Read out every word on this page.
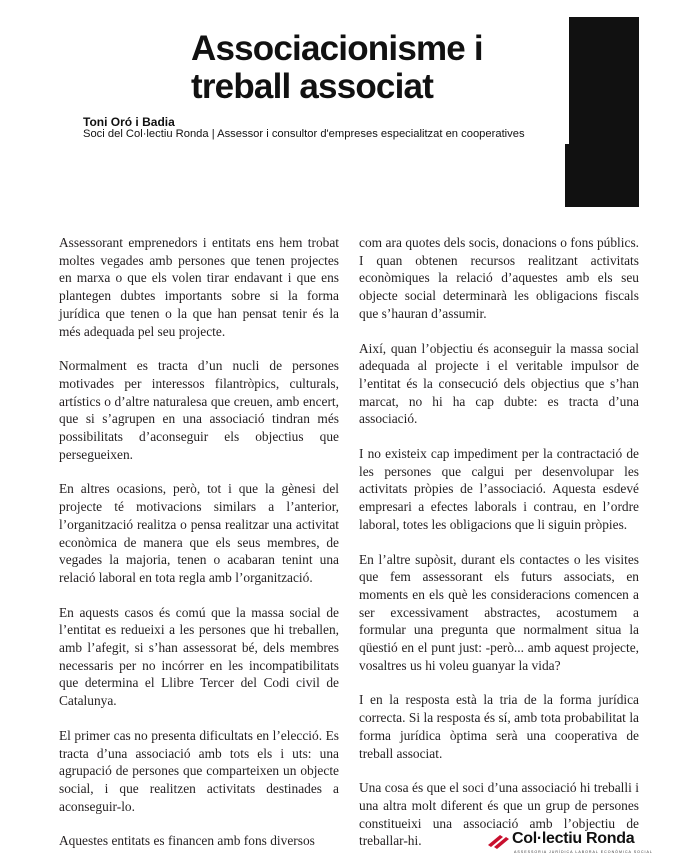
Associacionisme i
treball associat
Toni Oró i Badia
Soci del Col·lectiu Ronda | Assessor i consultor d'empreses especialitzat en cooperatives

Assessorant emprenedors i entitats ens hem trobat moltes vegades amb persones que tenen projectes en marxa o que els volen tirar endavant i que ens plantegen dubtes importants sobre si la forma jurídica que tenen o la que han pensat tenir és la més adequada pel seu projecte.

Normalment es tracta d’un nucli de persones motivades per interessos filantròpics, culturals, artístics o d’altre naturalesa que creuen, amb encert, que si s’agrupen en una associació tindran més possibilitats d’aconseguir els objectius que persegueixen.

En altres ocasions, però, tot i que la gènesi del projecte té motivacions similars a l’anterior, l’organització realitza o pensa realitzar una activitat econòmica de manera que els seus membres, de vegades la majoria, tenen o acabaran tenint una relació laboral en tota regla amb l’organització.

En aquests casos és comú que la massa social de l’entitat es redueixi a les persones que hi treballen, amb l’afegit, si s’han assessorat bé, dels membres necessaris per no incórrer en les incompatibilitats que determina el Llibre Tercer del Codi civil de Catalunya.

El primer cas no presenta dificultats en l’elecció. Es tracta d’una associació amb tots els i uts: una agrupació de persones que comparteixen un objecte social, i que realitzen activitats destinades a aconseguir-lo.

Aquestes entitats es financen amb fons diversos

com ara quotes dels socis, donacions o fons públics. I quan obtenen recursos realitzant activitats econòmiques la relació d’aquestes amb els seu objecte social determinarà les obligacions fiscals que s’hauran d’assumir.

Així, quan l’objectiu és aconseguir la massa social adequada al projecte i el veritable impulsor de l’entitat és la consecució dels objectius que s’han marcat, no hi ha cap dubte: es tracta d’una associació.

I no existeix cap impediment per la contractació de les persones que calgui per desenvolupar les activitats pròpies de l’associació. Aquesta esdevé empresari a efectes laborals i contrau, en l’ordre laboral, totes les obligacions que li siguin pròpies.

En l’altre supòsit, durant els contactes o les visites que fem assessorant els futurs associats, en moments en els què les consideracions comencen a ser excessivament abstractes, acostumem a formular una pregunta que normalment situa la qüestió en el punt just: -però... amb aquest projecte, vosaltres us hi voleu guanyar la vida?

I en la resposta està la tria de la forma jurídica correcta. Si la resposta és sí, amb tota probabilitat la forma jurídica òptima serà una cooperativa de treball associat.

Una cosa és que el soci d’una associació hi treballi i una altra molt diferent és que un grup de persones constitueixi una associació amb l’objectiu de treballar-hi.	Col·lectiu Ronda
ASSESSORIA JURÍDICA LABORAL ECONÒMICA SOCIAL
